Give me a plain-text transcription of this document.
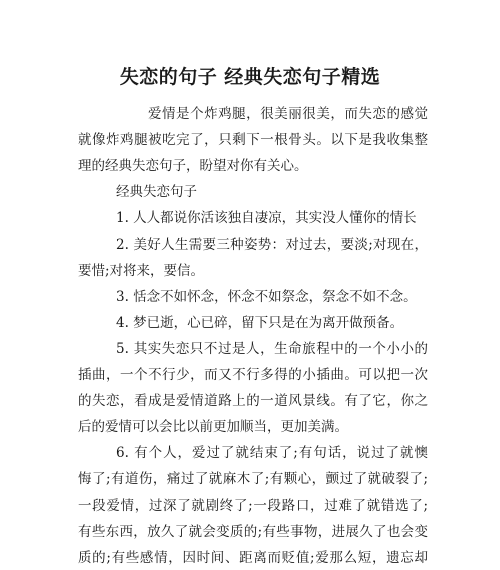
失恋的句子 经典失恋句子精选
爱情是个炸鸡腿，很美丽很美，而失恋的感觉
就像炸鸡腿被吃完了，只剩下一根骨头。以下是我收集整
理的经典失恋句子，盼望对你有关心。
经典失恋句子
1. 人人都说你活该独自凄凉，其实没人懂你的情长
2. 美好人生需要三种姿势：对过去，要淡;对现在，
要惜;对将来，要信。
3. 恬念不如怀念，怀念不如祭念，祭念不如不念。
4. 梦已逝，心已碎，留下只是在为离开做预备。
5. 其实失恋只不过是人，生命旅程中的一个小小的
插曲，一个不行少，而又不行多得的小插曲。可以把一次
的失恋，看成是爱情道路上的一道风景线。有了它，你之
后的爱情可以会比以前更加顺当，更加美满。
6. 有个人，爱过了就结束了;有句话，说过了就懊
悔了;有道伤，痛过了就麻木了;有颗心，颤过了就破裂了;
一段爱情，过深了就剧终了;一段路口，过难了就错选了;
有些东西，放久了就会变质的;有些事物，进展久了也会变
质的;有些感情，因时间、距离而贬值;爱那么短，遗忘却
